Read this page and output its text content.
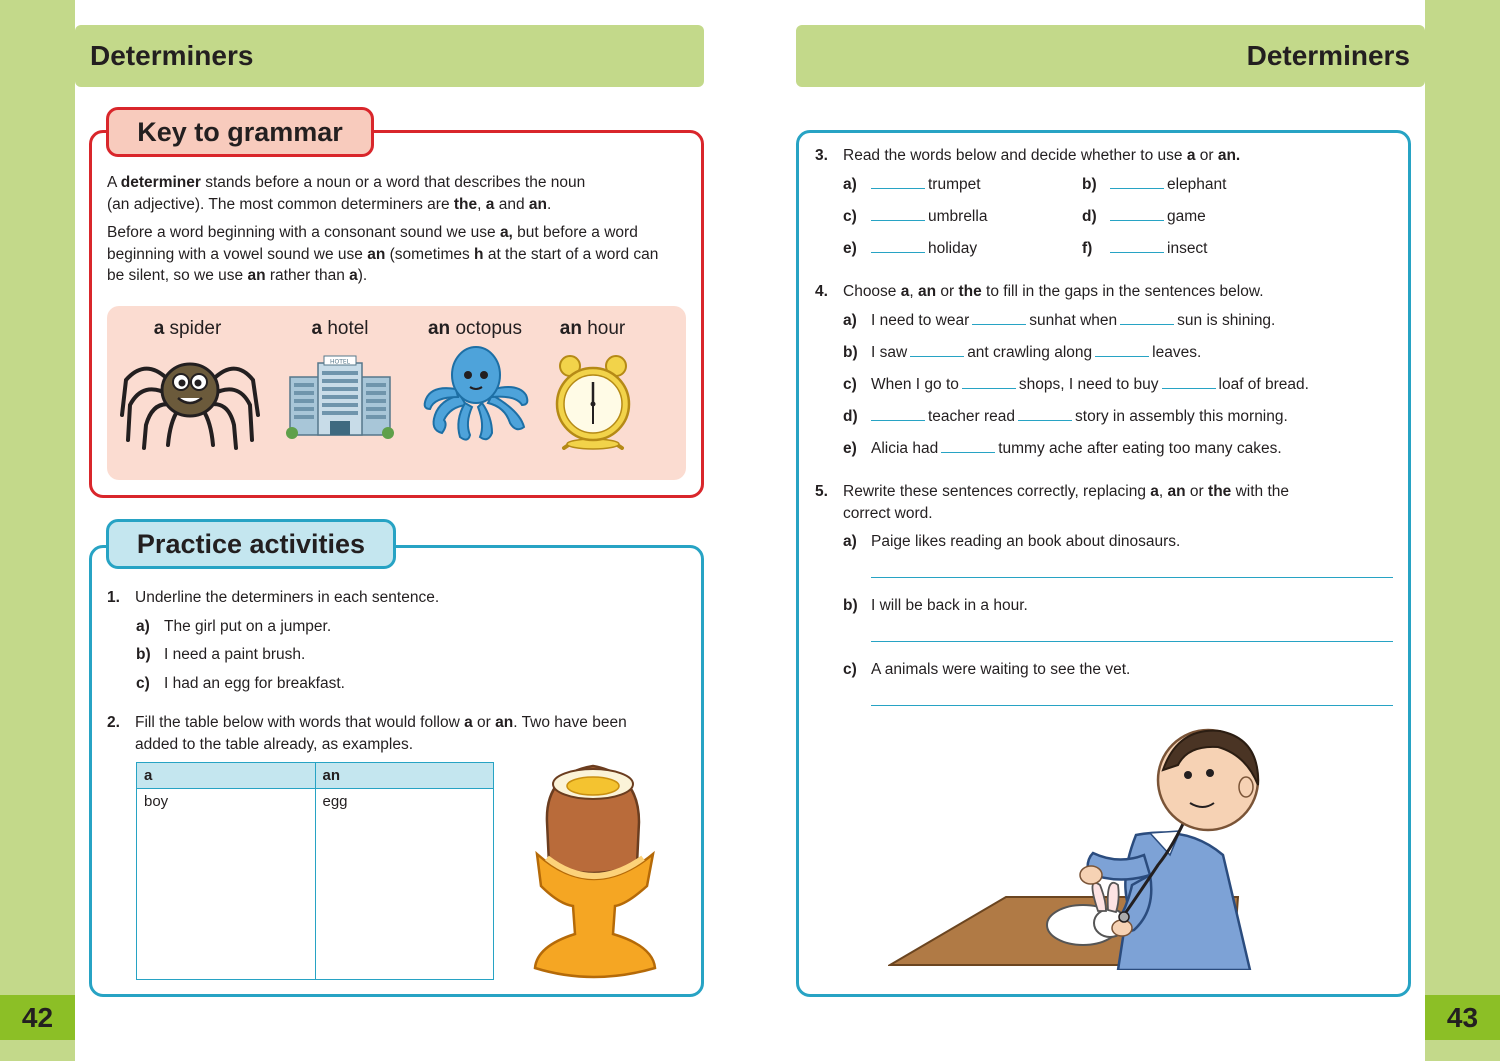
42	43
Determiners
Key to grammar
A determiner stands before a noun or a word that describes the noun
(an adjective). The most common determiners are the, a and an.
Before a word beginning with a consonant sound we use a, but before a word
beginning with a vowel sound we use an (sometimes h at the start of a word can
be silent, so we use an rather than a).
a spider	a hotel	an octopus	an hour
HOTEL
Practice activities
1. Underline the determiners in each sentence.
a) The girl put on a jumper.
b) I need a paint brush.
c) I had an egg for breakfast.
2. Fill the table below with words that would follow a or an. Two have been
added to the table already, as examples.
a	an
boy	egg
Determiners
3. Read the words below and decide whether to use a or an.
a)	trumpet	b)	elephant
c)	umbrella	d)	game
e)	holiday	f)	insect
4. Choose a, an or the to fill in the gaps in the sentences below.
a) I need to wear	sunhat when	sun is shining.
b) I saw	ant crawling along	leaves.
c) When I go to	shops, I need to buy	loaf of bread.
d)	teacher read	story in assembly this morning.
e) Alicia had	tummy ache after eating too many cakes.
5. Rewrite these sentences correctly, replacing a, an or the with the
correct word.
a) Paige likes reading an book about dinosaurs.
b) I will be back in a hour.
c) A animals were waiting to see the vet.
